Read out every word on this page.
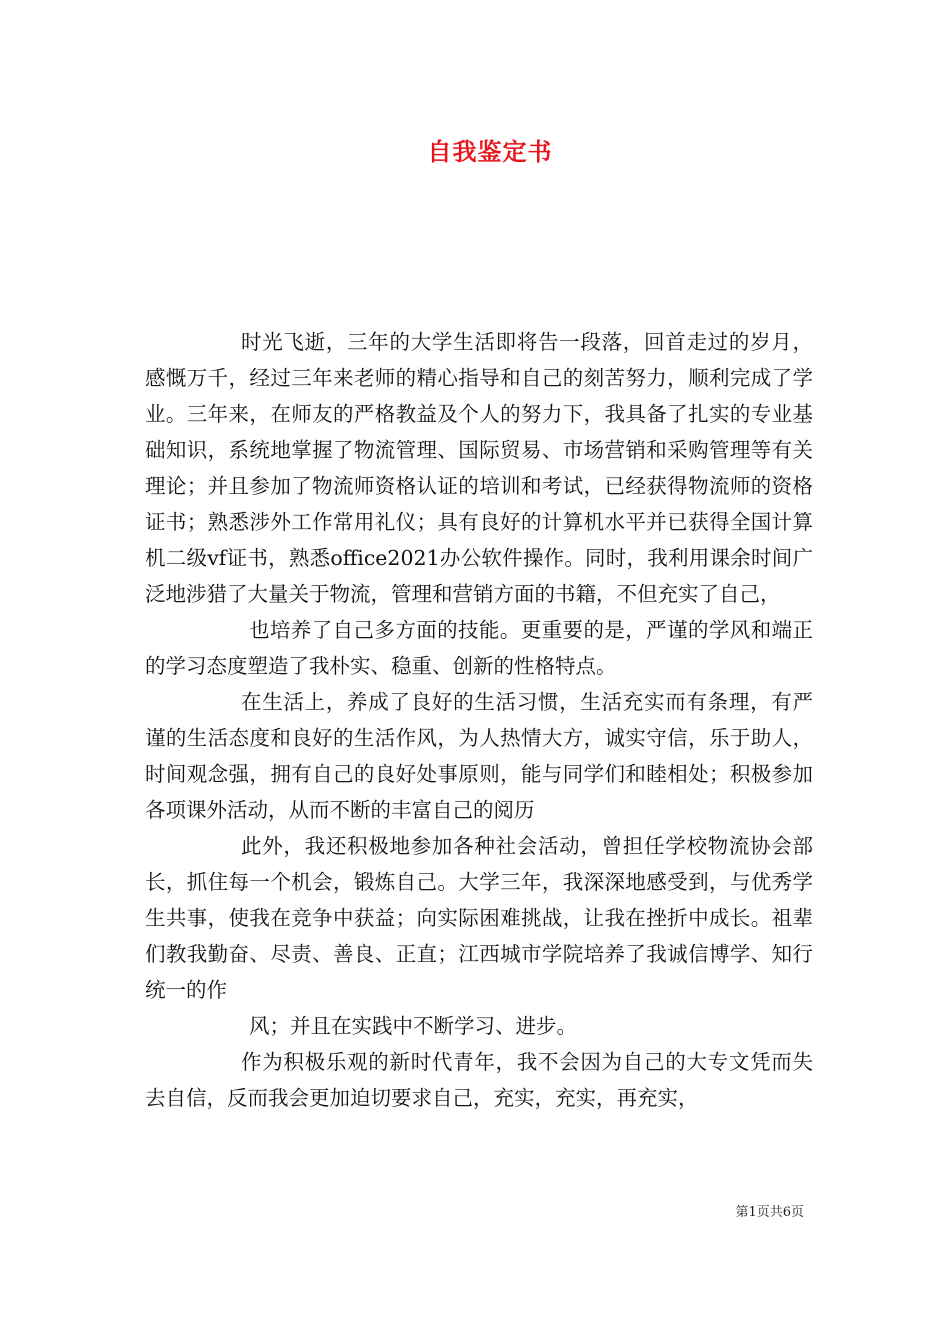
自我鉴定书

时光飞逝，三年的大学生活即将告一段落，回首走过的岁月，感慨万千，经过三年来老师的精心指导和自己的刻苦努力，顺利完成了学业。三年来，在师友的严格教益及个人的努力下，我具备了扎实的专业基础知识，系统地掌握了物流管理、国际贸易、市场营销和采购管理等有关理论；并且参加了物流师资格认证的培训和考试，已经获得物流师的资格证书；熟悉涉外工作常用礼仪；具有良好的计算机水平并已获得全国计算机二级vf证书，熟悉office2021办公软件操作。同时，我利用课余时间广泛地涉猎了大量关于物流，管理和营销方面的书籍，不但充实了自己，

也培养了自己多方面的技能。更重要的是，严谨的学风和端正的学习态度塑造了我朴实、稳重、创新的性格特点。

在生活上，养成了良好的生活习惯，生活充实而有条理，有严谨的生活态度和良好的生活作风，为人热情大方，诚实守信，乐于助人，时间观念强，拥有自己的良好处事原则，能与同学们和睦相处；积极参加各项课外活动，从而不断的丰富自己的阅历

此外，我还积极地参加各种社会活动，曾担任学校物流协会部长，抓住每一个机会，锻炼自己。大学三年，我深深地感受到，与优秀学生共事，使我在竞争中获益；向实际困难挑战，让我在挫折中成长。祖辈们教我勤奋、尽责、善良、正直；江西城市学院培养了我诚信博学、知行统一的作

风；并且在实践中不断学习、进步。

作为积极乐观的新时代青年，我不会因为自己的大专文凭而失去自信，反而我会更加迫切要求自己，充实，充实，再充实，

第1页共6页
